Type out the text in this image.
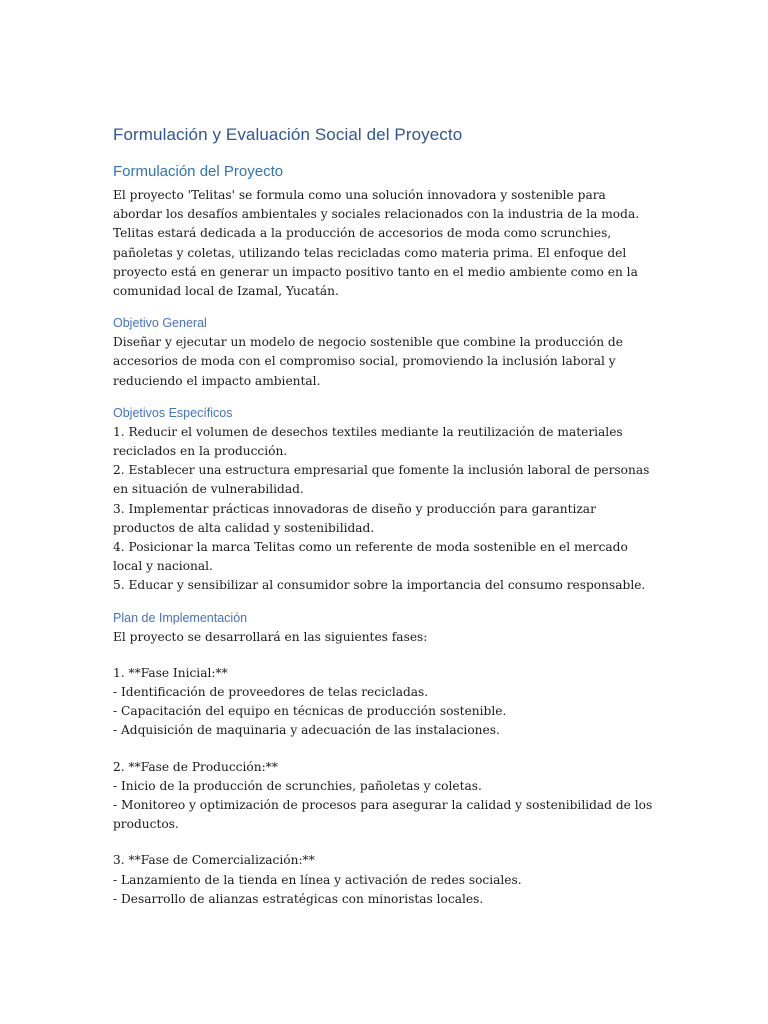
Formulación y Evaluación Social del Proyecto
Formulación del Proyecto

El proyecto 'Telitas' se formula como una solución innovadora y sostenible para abordar los desafíos ambientales y sociales relacionados con la industria de la moda. Telitas estará dedicada a la producción de accesorios de moda como scrunchies, pañoletas y coletas, utilizando telas recicladas como materia prima. El enfoque del proyecto está en generar un impacto positivo tanto en el medio ambiente como en la comunidad local de Izamal, Yucatán.

Objetivo General

Diseñar y ejecutar un modelo de negocio sostenible que combine la producción de accesorios de moda con el compromiso social, promoviendo la inclusión laboral y reduciendo el impacto ambiental.

Objetivos Específicos

1. Reducir el volumen de desechos textiles mediante la reutilización de materiales reciclados en la producción.

2. Establecer una estructura empresarial que fomente la inclusión laboral de personas en situación de vulnerabilidad.

3. Implementar prácticas innovadoras de diseño y producción para garantizar productos de alta calidad y sostenibilidad.

4. Posicionar la marca Telitas como un referente de moda sostenible en el mercado local y nacional.

5. Educar y sensibilizar al consumidor sobre la importancia del consumo responsable.

Plan de Implementación

El proyecto se desarrollará en las siguientes fases:

1. **Fase Inicial:**

- Identificación de proveedores de telas recicladas.

- Capacitación del equipo en técnicas de producción sostenible.

- Adquisición de maquinaria y adecuación de las instalaciones.

2. **Fase de Producción:**

- Inicio de la producción de scrunchies, pañoletas y coletas.

- Monitoreo y optimización de procesos para asegurar la calidad y sostenibilidad de los productos.

3. **Fase de Comercialización:**

- Lanzamiento de la tienda en línea y activación de redes sociales.

- Desarrollo de alianzas estratégicas con minoristas locales.
